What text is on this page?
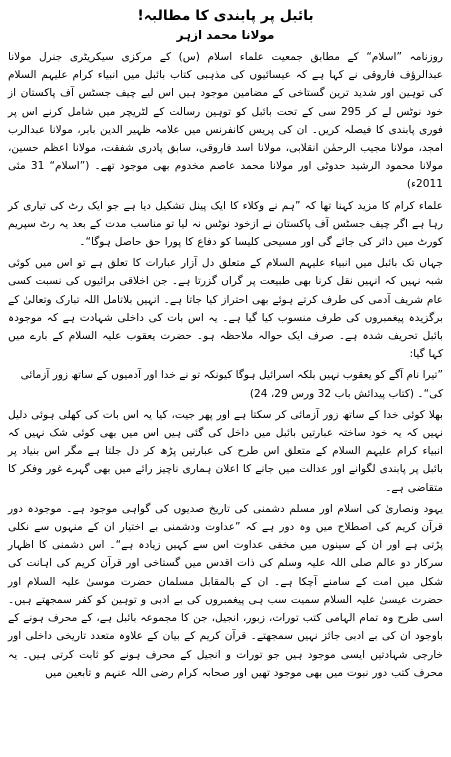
بائبل پر پابندی کا مطالبہ!
مولانا محمد ازہر

روزنامہ ”اسلام“ کے مطابق جمعیت علماء اسلام (س) کے مرکزی سیکریٹری جنرل مولانا عبدالرؤف فاروقی نے کہا ہے کہ عیسائیوں کی مذہبی کتاب بائبل میں انبیاء کرام علیہم السلام کی توہین اور شدید ترین گستاخی کے مضامین موجود ہیں اس لیے چیف جسٹس آف پاکستان از خود نوٹس لے کر 295 سی کے تحت بائبل کو توہین رسالت کے لٹریچر میں شامل کرنے اس پر فوری پابندی کا فیصلہ کریں۔ ان کی پریس کانفرنس میں علامہ ظہیر الدین بابر، مولانا عبدالرب امجد، مولانا مجیب الرحمٰن انقلابی، مولانا اسد فاروقی، سابق پادری شفقت، مولانا اعظم حسین، مولانا محمود الرشید حدوٹی اور مولانا محمد عاصم مخدوم بھی موجود تھے۔ (”اسلام“ 31 مئی 2011ء)

علماء کرام کا مزید کہنا تھا کہ ”ہم نے وکلاء کا ایک پینل تشکیل دیا ہے جو ایک رٹ کی تیاری کر رہا ہے اگر چیف جسٹس آف پاکستان نے ازخود نوٹس نہ لیا تو مناسب مدت کے بعد یہ رٹ سپریم کورٹ میں دائر کی جائے گی اور مسیحی کلیسا کو دفاع کا پورا حق حاصل ہوگا“۔

جہاں تک بائبل میں انبیاء علیہم السلام کے متعلق دل آزار عبارات کا تعلق ہے تو اس میں کوئی شبہ نہیں کہ انہیں نقل کرنا بھی طبیعت پر گراں گزرتا ہے۔ جن اخلاقی برائیوں کی نسبت کسی عام شریف آدمی کی طرف کرتے ہوئے بھی احتراز کیا جاتا ہے۔ انہیں بلاتامل اللہ تبارک وتعالیٰ کے برگزیدہ پیغمبروں کی طرف منسوب کیا گیا ہے۔ یہ اس بات کی داخلی شہادت ہے کہ موجودہ بائبل تحریف شدہ ہے۔ صرف ایک حوالہ ملاحظہ ہو۔ حضرت یعقوب علیہ السلام کے بارے میں کہا گیا:

”تیرا نام آگے کو یعقوب نہیں بلکہ اسرائیل ہوگا کیونکہ تو نے خدا اور آدمیوں کے ساتھ زور آزمائی کی“۔ (کتاب پیدائش باب 32 ورس 29، 24)

بھلا کوئی خدا کے ساتھ زور آزمائی کر سکتا ہے اور پھر جیت، کیا یہ اس بات کی کھلی ہوئی دلیل نہیں کہ یہ خود ساختہ عبارتیں بائبل میں داخل کی گئی ہیں اس میں بھی کوئی شک نہیں کہ انبیاء کرام علیہم السلام کے متعلق اس طرح کی عبارتیں پڑھ کر دل جلتا ہے مگر اس بنیاد پر بائبل پر پابندی لگوانے اور عدالت میں جانے کا اعلان ہماری ناچیز رائے میں بھی گہرے غور وفکر کا متقاضی ہے۔

یہود ونصاریٰ کی اسلام اور مسلم دشمنی کی تاریخ صدیوں کی گواہی موجود ہے۔ موجودہ دور قرآن کریم کی اصطلاح میں وہ دور ہے کہ ”عداوت ودشمنی بے اختیار ان کے منہوں سے نکلی پڑتی ہے اور ان کے سینوں میں مخفی عداوت اس سے کہیں زیادہ ہے“۔ اس دشمنی کا اظہار سرکار دو عالم صلی اللہ علیہ وسلم کی ذات اقدس میں گستاخی اور قرآن کریم کی اہانت کی شکل میں امت کے سامنے آچکا ہے۔ ان کے بالمقابل مسلمان حضرت موسیٰ علیہ السلام اور حضرت عیسیٰ علیہ السلام سمیت سب ہی پیغمبروں کی بے ادبی و توہین کو کفر سمجھتے ہیں۔ اسی طرح وہ تمام الہامی کتب تورات، زبور، انجیل، جن کا مجموعہ بائبل ہے، کے محرف ہونے کے باوجود ان کی بے ادبی جائز نہیں سمجھتے۔ قرآن کریم کے بیان کے علاوہ متعدد تاریخی داخلی اور خارجی شہادتیں ایسی موجود ہیں جو تورات و انجیل کے محرف ہونے کو ثابت کرتی ہیں۔ یہ محرف کتب دور نبوت میں بھی موجود تھیں اور صحابہ کرام رضی اللہ عنہم و تابعین میں
